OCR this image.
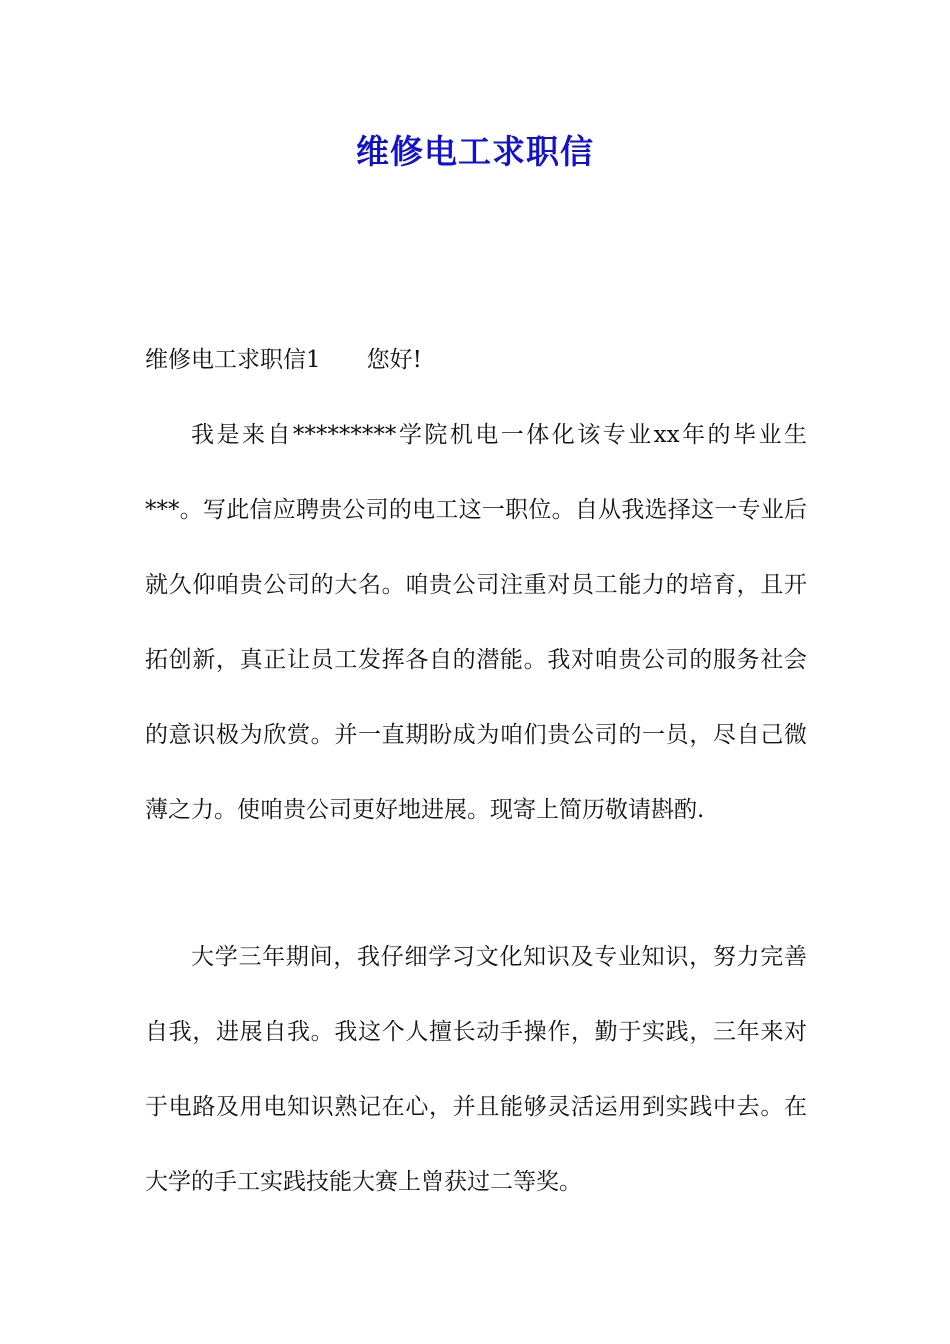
维修电工求职信
维修电工求职信1 您好!
我是来自*********学院机电一体化该专业xx年的毕业生***。写此信应聘贵公司的电工这一职位。自从我选择这一专业后就久仰咱贵公司的大名。咱贵公司注重对员工能力的培育，且开拓创新，真正让员工发挥各自的潜能。我对咱贵公司的服务社会的意识极为欣赏。并一直期盼成为咱们贵公司的一员，尽自己微薄之力。使咱贵公司更好地进展。现寄上简历敬请斟酌.
大学三年期间，我仔细学习文化知识及专业知识，努力完善自我，进展自我。我这个人擅长动手操作，勤于实践，三年来对于电路及用电知识熟记在心，并且能够灵活运用到实践中去。在大学的手工实践技能大赛上曾获过二等奖。
